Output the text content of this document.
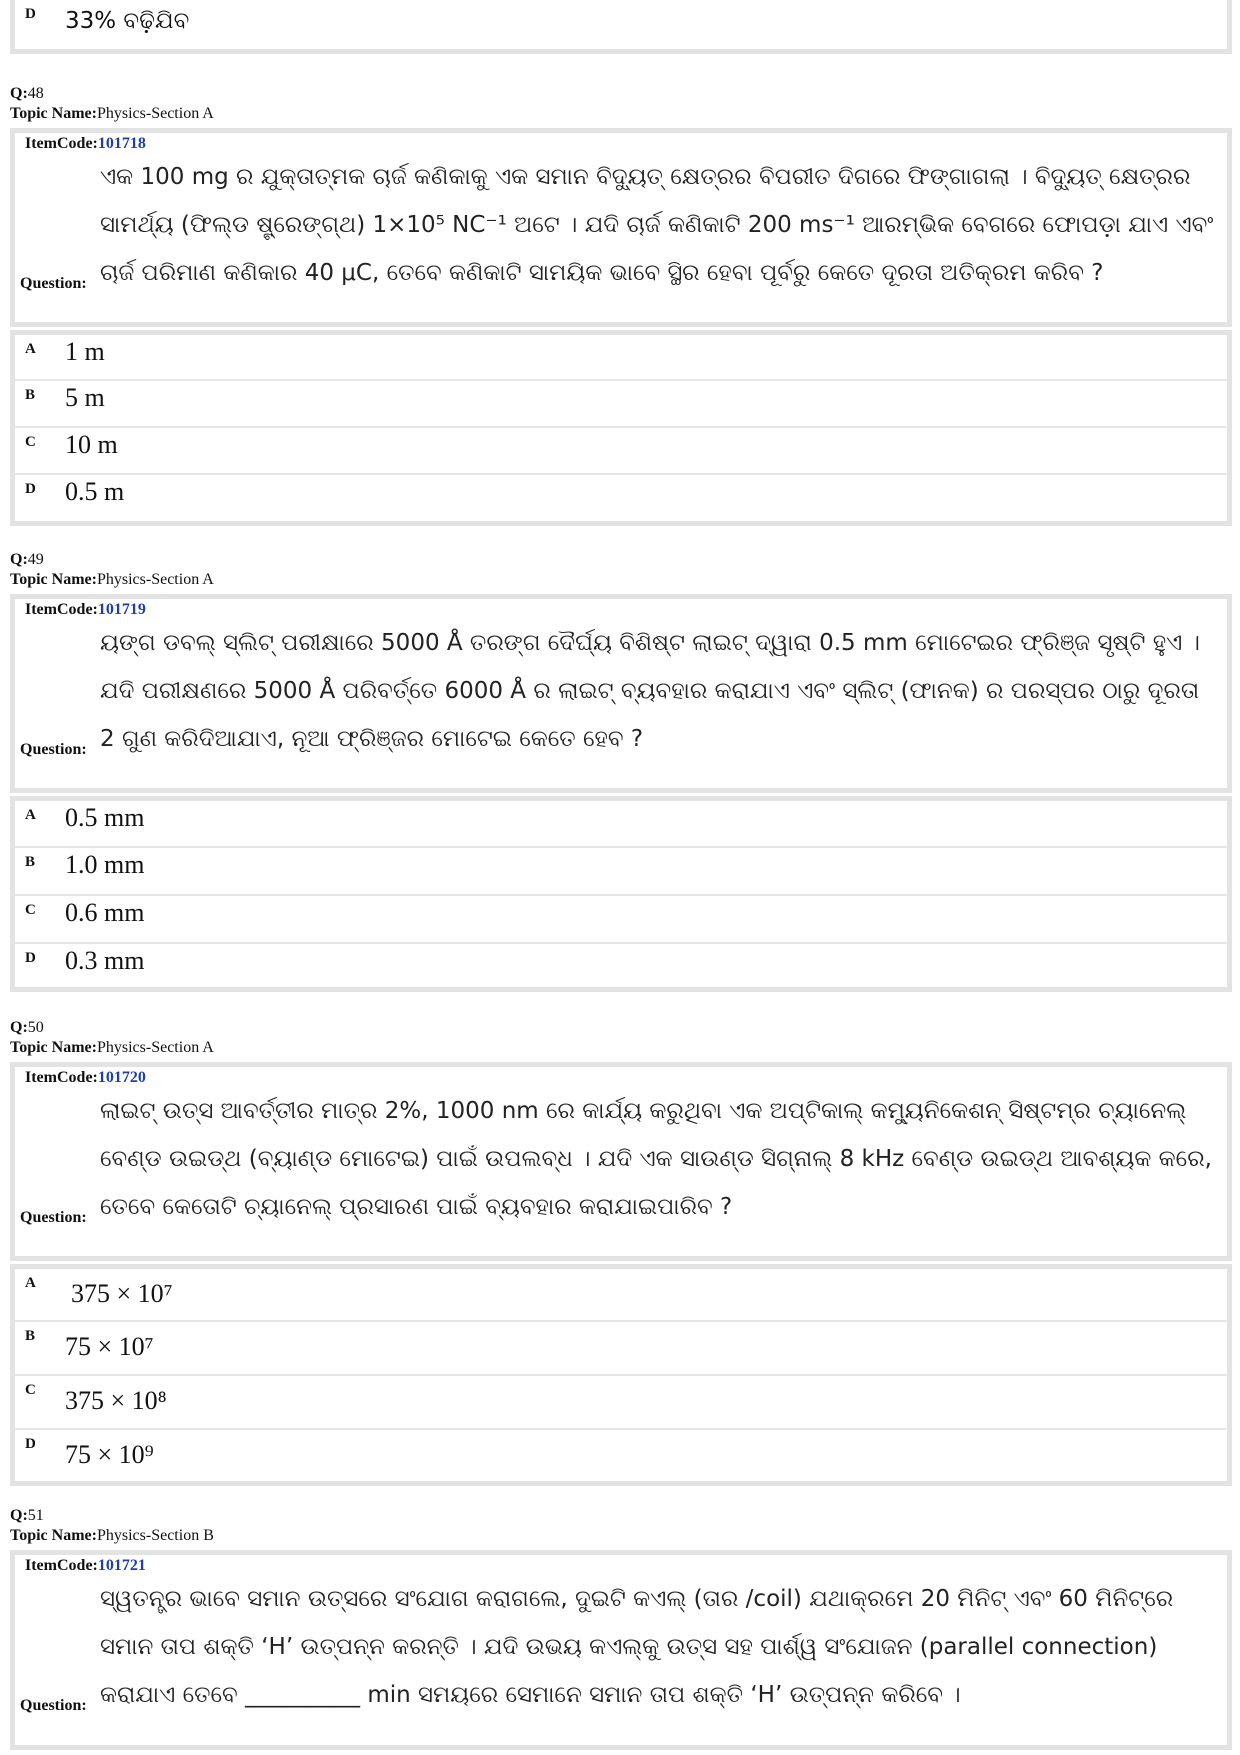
D	33% ବଢ଼ିଯିବ
Q:48
Topic Name:Physics-Section A
ItemCode:101718
Question:
ଏକ 100 mg ର ଯୁକ୍ତାତ୍ମକ ଚାର୍ଜ କଣିକାକୁ ଏକ ସମାନ ବିଦ୍ୟୁତ୍ କ୍ଷେତ୍ରର ବିପରୀତ ଦିଗରେ ଫିଙ୍ଗାଗଲା । ବିଦ୍ୟୁତ୍ କ୍ଷେତ୍ରର ସାମର୍ଥ୍ୟ (ଫିଲ୍ଡ ଷ୍ଟ୍ରେଙ୍ଗ୍‌ଥ) 1×10⁵ NC⁻¹ ଅଟେ । ଯଦି ଚାର୍ଜ କଣିକାଟି 200 ms⁻¹ ଆରମ୍ଭିକ ବେଗରେ ଫୋପଡ଼ା ଯାଏ ଏବଂ ଚାର୍ଜ ପରିମାଣ କଣିକାର 40 μC, ତେବେ କଣିକାଟି ସାମୟିକ ଭାବେ ସ୍ଥିର ହେବା ପୂର୍ବରୁ କେତେ ଦୂରତା ଅତିକ୍ରମ କରିବ ?
A	1 m
B	5 m
C	10 m
D	0.5 m
Q:49
Topic Name:Physics-Section A
ItemCode:101719
Question:
ୟଙ୍ଗ ଡବଲ୍ ସ୍ଲିଟ୍ ପରୀକ୍ଷାରେ 5000 Å ତରଙ୍ଗ ଦୈର୍ଘ୍ୟ ବିଶିଷ୍ଟ ଲାଇଟ୍ ଦ୍ୱାରା 0.5 mm ମୋଟେଇର ଫ୍ରିଞ୍ଜ ସୃଷ୍ଟି ହୁଏ । ଯଦି ପରୀକ୍ଷଣରେ 5000 Å ପରିବର୍ତ୍ତେ 6000 Å ର ଲାଇଟ୍ ବ୍ୟବହାର କରାଯାଏ ଏବଂ ସ୍ଲିଟ୍ (ଫାନକ) ର ପରସ୍ପର ଠାରୁ ଦୂରତା 2 ଗୁଣ କରିଦିଆଯାଏ, ନୂଆ ଫ୍ରିଞ୍ଜର ମୋଟେଇ କେତେ ହେବ ?
A	0.5 mm
B	1.0 mm
C	0.6 mm
D	0.3 mm
Q:50
Topic Name:Physics-Section A
ItemCode:101720
Question:
ଲାଇଟ୍ ଉତ୍ସ ଆବର୍ତ୍ତୀର ମାତ୍ର 2%, 1000 nm ରେ କାର୍ଯ୍ୟ କରୁଥିବା ଏକ ଅପ୍‌ଟିକାଲ୍ କମ୍ୟୁନିକେଶନ୍ ସିଷ୍ଟମ୍‌ର ଚ୍ୟାନେଲ୍ ବେଣ୍ଡ ଉଇଡ୍‌ଥ (ବ୍ୟାଣ୍ଡ ମୋଟେଇ) ପାଇଁ ଉପଲବ୍ଧ । ଯଦି ଏକ ସାଉଣ୍ଡ ସିଗ୍‌ନାଲ୍ 8 kHz ବେଣ୍ଡ ଉଇଡ୍‌ଥ ଆବଶ୍ୟକ କରେ, ତେବେ କେତୋଟି ଚ୍ୟାନେଲ୍ ପ୍ରସାରଣ ପାଇଁ ବ୍ୟବହାର କରାଯାଇପାରିବ ?
A	375 × 10⁷
B	75 × 10⁷
C	375 × 10⁸
D	75 × 10⁹
Q:51
Topic Name:Physics-Section B
ItemCode:101721
Question:
ସ୍ୱତନ୍ତ୍ର ଭାବେ ସମାନ ଉତ୍ସରେ ସଂଯୋଗ କରାଗଲେ, ଦୁଇଟି କଏଲ୍ (ତାର /coil) ଯଥାକ୍ରମେ 20 ମିନିଟ୍ ଏବଂ 60 ମିନିଟ୍‌ରେ ସମାନ ତାପ ଶକ୍ତି ‘H’ ଉତ୍ପନ୍ନ କରନ୍ତି । ଯଦି ଉଭୟ କଏଲ୍‌କୁ ଉତ୍ସ ସହ ପାର୍ଶ୍ୱ ସଂଯୋଜନ (parallel connection) କରାଯାଏ ତେବେ __________ min ସମୟରେ ସେମାନେ ସମାନ ତାପ ଶକ୍ତି ‘H’ ଉତ୍ପନ୍ନ କରିବେ ।
